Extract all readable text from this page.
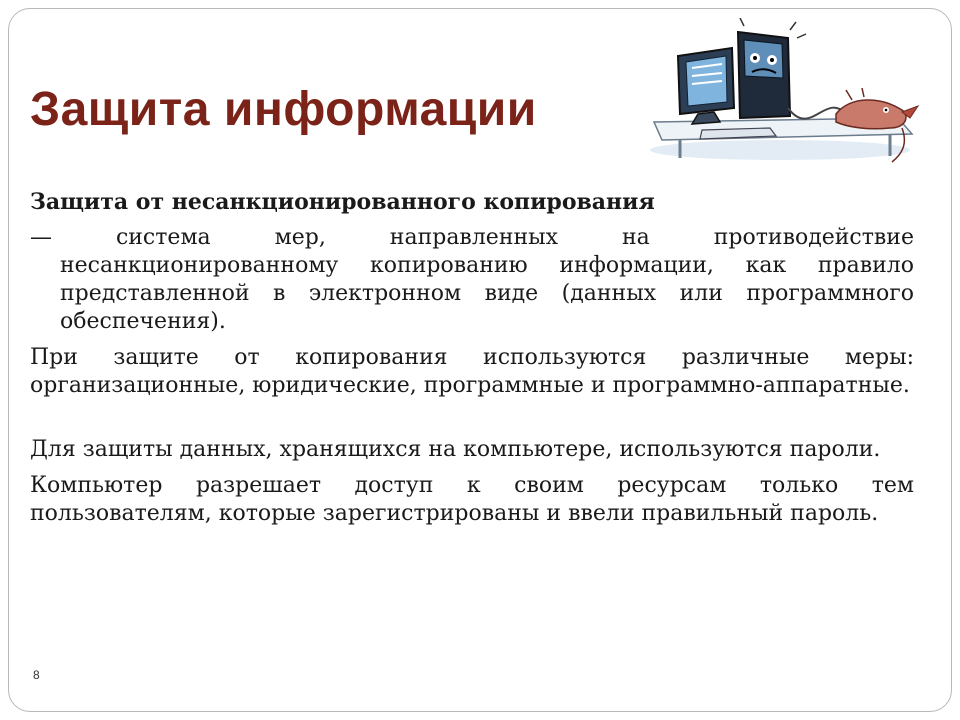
Защита информации

Защита от несанкционированного копирования

— система мер, направленных на противодействие несанкционированному копированию информации, как правило представленной в электронном виде (данных или программного обеспечения).

При защите от копирования используются различные меры: организационные, юридические, программные и программно-аппаратные.

Для защиты данных, хранящихся на компьютере, используются пароли.

Компьютер разрешает доступ к своим ресурсам только тем пользователям, которые зарегистрированы и ввели правильный пароль.

8
